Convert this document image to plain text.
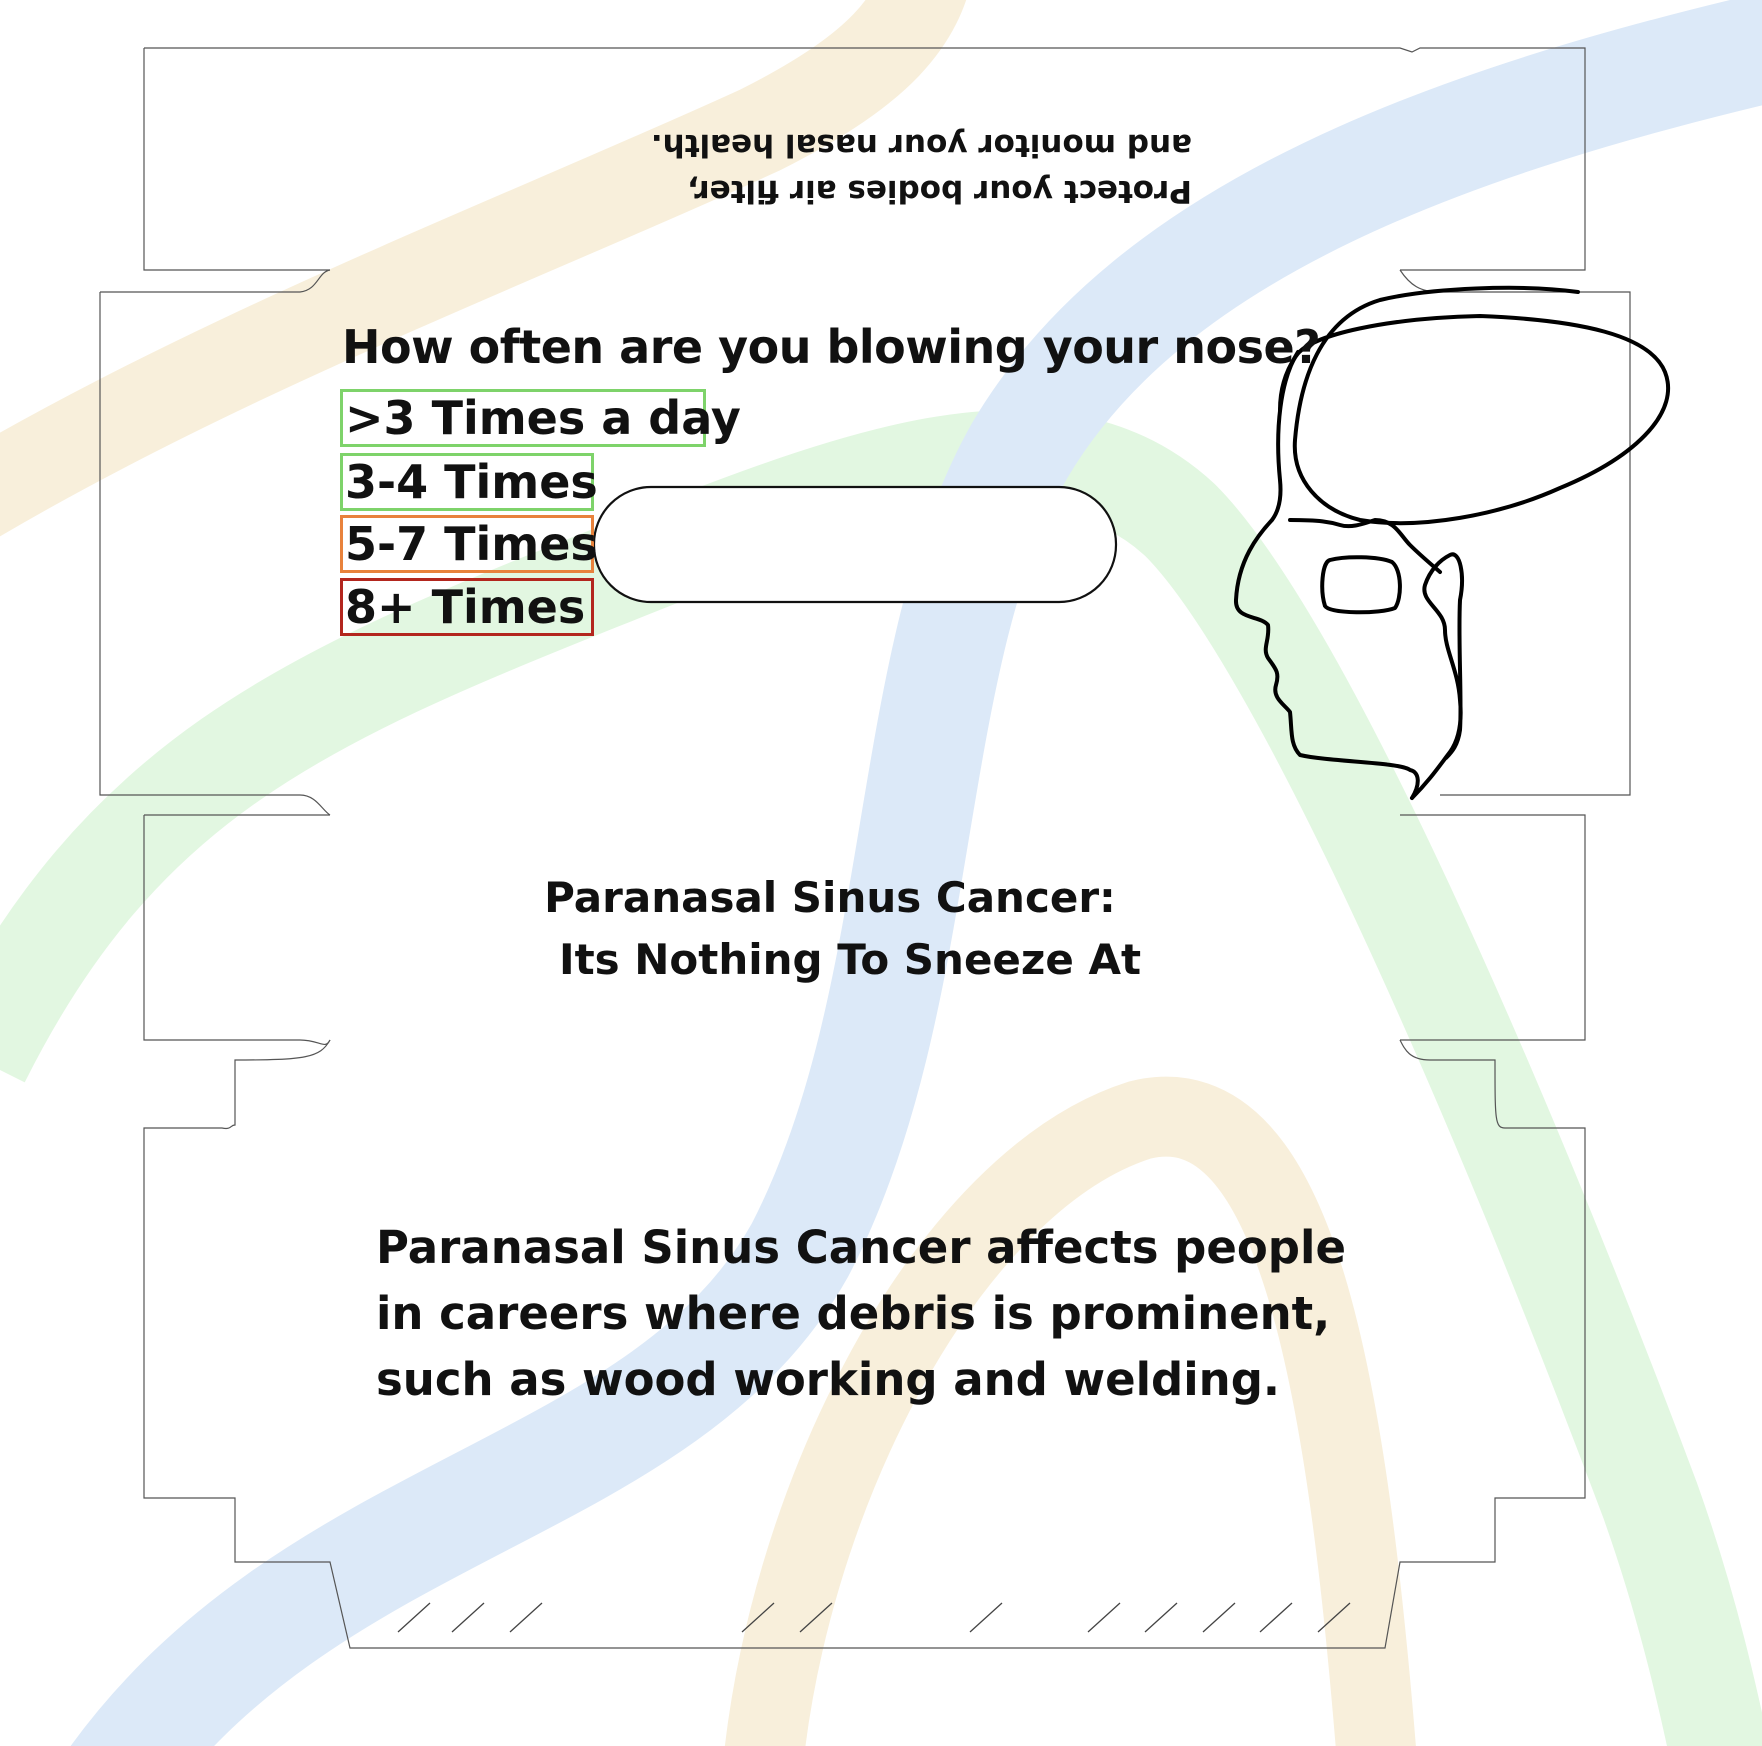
Protect your bodies air filter,
and monitor your nasal health.
How often are you blowing your nose?
>3 Times a day
3-4 Times
5-7 Times
8+ Times
Paranasal Sinus Cancer:
Its Nothing To Sneeze At
Paranasal Sinus Cancer affects people
in careers where debris is prominent,
such as wood working and welding.
